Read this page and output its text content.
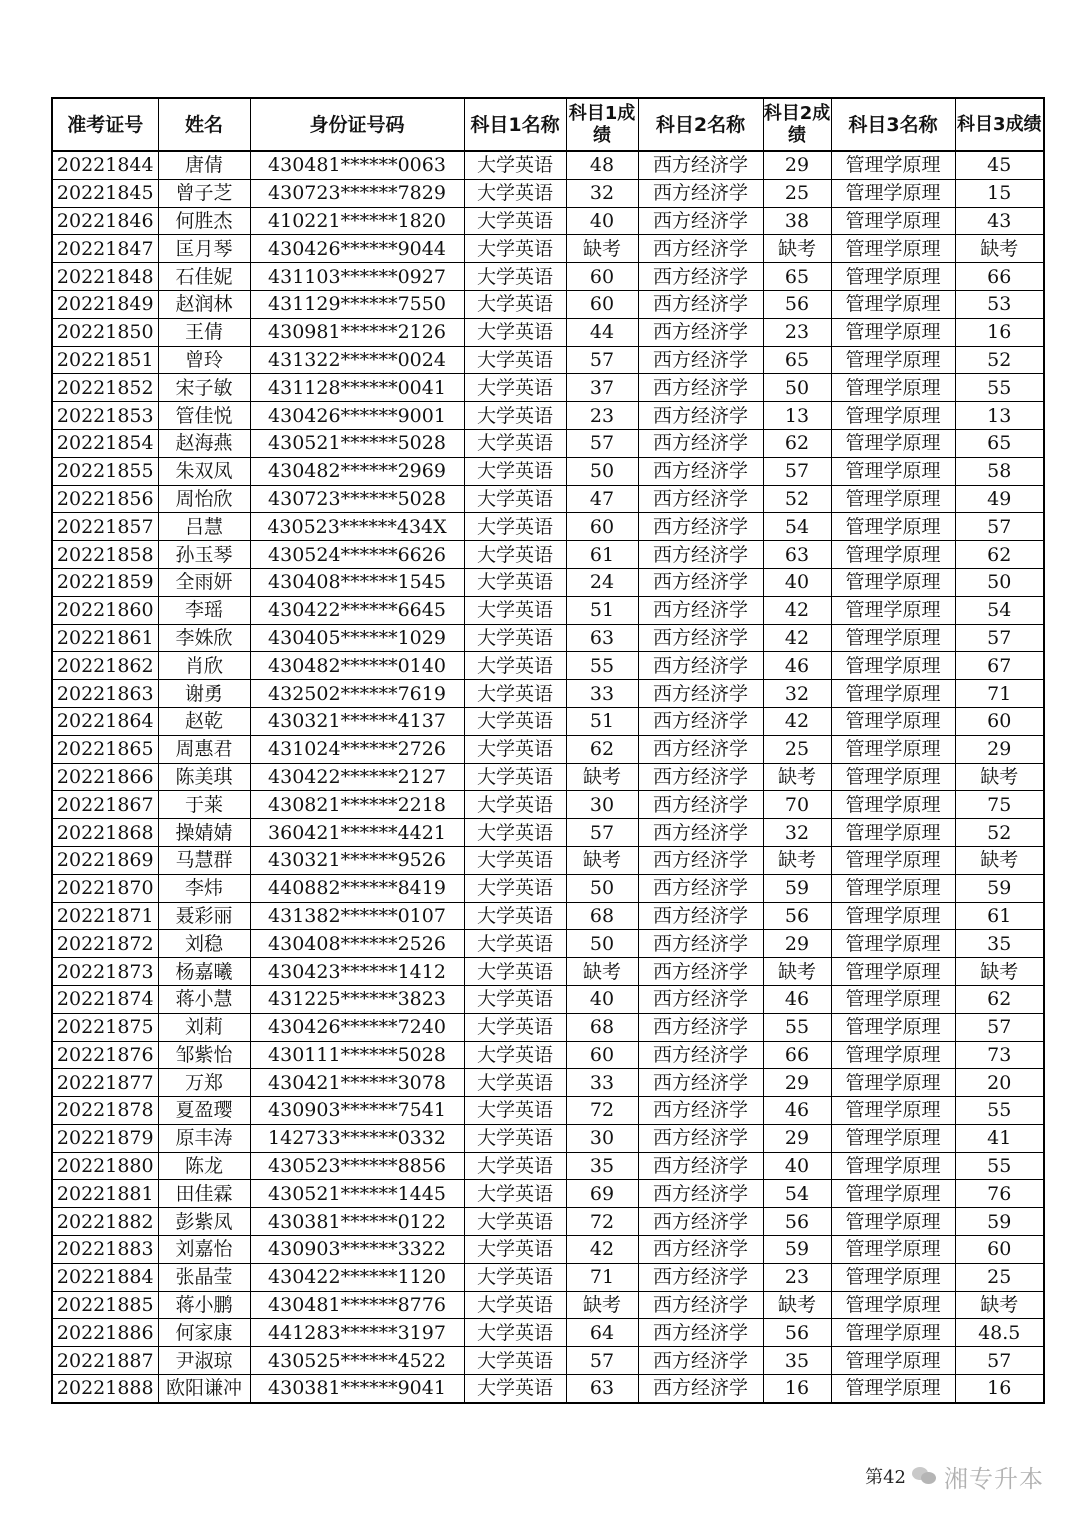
准考证号	姓名	身份证号码	科目1名称	科目1成绩	科目2名称	科目2成绩	科目3名称	科目3成绩
20221844	唐倩	430481******0063	大学英语	48	西方经济学	29	管理学原理	45
20221845	曾子芝	430723******7829	大学英语	32	西方经济学	25	管理学原理	15
20221846	何胜杰	410221******1820	大学英语	40	西方经济学	38	管理学原理	43
20221847	匡月琴	430426******9044	大学英语	缺考	西方经济学	缺考	管理学原理	缺考
20221848	石佳妮	431103******0927	大学英语	60	西方经济学	65	管理学原理	66
20221849	赵润林	431129******7550	大学英语	60	西方经济学	56	管理学原理	53
20221850	王倩	430981******2126	大学英语	44	西方经济学	23	管理学原理	16
20221851	曾玲	431322******0024	大学英语	57	西方经济学	65	管理学原理	52
20221852	宋子敏	431128******0041	大学英语	37	西方经济学	50	管理学原理	55
20221853	管佳悦	430426******9001	大学英语	23	西方经济学	13	管理学原理	13
20221854	赵海燕	430521******5028	大学英语	57	西方经济学	62	管理学原理	65
20221855	朱双凤	430482******2969	大学英语	50	西方经济学	57	管理学原理	58
20221856	周怡欣	430723******5028	大学英语	47	西方经济学	52	管理学原理	49
20221857	吕慧	430523******434X	大学英语	60	西方经济学	54	管理学原理	57
20221858	孙玉琴	430524******6626	大学英语	61	西方经济学	63	管理学原理	62
20221859	全雨妍	430408******1545	大学英语	24	西方经济学	40	管理学原理	50
20221860	李瑶	430422******6645	大学英语	51	西方经济学	42	管理学原理	54
20221861	李姝欣	430405******1029	大学英语	63	西方经济学	42	管理学原理	57
20221862	肖欣	430482******0140	大学英语	55	西方经济学	46	管理学原理	67
20221863	谢勇	432502******7619	大学英语	33	西方经济学	32	管理学原理	71
20221864	赵乾	430321******4137	大学英语	51	西方经济学	42	管理学原理	60
20221865	周惠君	431024******2726	大学英语	62	西方经济学	25	管理学原理	29
20221866	陈美琪	430422******2127	大学英语	缺考	西方经济学	缺考	管理学原理	缺考
20221867	于莱	430821******2218	大学英语	30	西方经济学	70	管理学原理	75
20221868	操婧婧	360421******4421	大学英语	57	西方经济学	32	管理学原理	52
20221869	马慧群	430321******9526	大学英语	缺考	西方经济学	缺考	管理学原理	缺考
20221870	李炜	440882******8419	大学英语	50	西方经济学	59	管理学原理	59
20221871	聂彩丽	431382******0107	大学英语	68	西方经济学	56	管理学原理	61
20221872	刘稳	430408******2526	大学英语	50	西方经济学	29	管理学原理	35
20221873	杨嘉曦	430423******1412	大学英语	缺考	西方经济学	缺考	管理学原理	缺考
20221874	蒋小慧	431225******3823	大学英语	40	西方经济学	46	管理学原理	62
20221875	刘莉	430426******7240	大学英语	68	西方经济学	55	管理学原理	57
20221876	邹紫怡	430111******5028	大学英语	60	西方经济学	66	管理学原理	73
20221877	万郑	430421******3078	大学英语	33	西方经济学	29	管理学原理	20
20221878	夏盈璎	430903******7541	大学英语	72	西方经济学	46	管理学原理	55
20221879	原丰涛	142733******0332	大学英语	30	西方经济学	29	管理学原理	41
20221880	陈龙	430523******8856	大学英语	35	西方经济学	40	管理学原理	55
20221881	田佳霖	430521******1445	大学英语	69	西方经济学	54	管理学原理	76
20221882	彭紫凤	430381******0122	大学英语	72	西方经济学	56	管理学原理	59
20221883	刘嘉怡	430903******3322	大学英语	42	西方经济学	59	管理学原理	60
20221884	张晶莹	430422******1120	大学英语	71	西方经济学	23	管理学原理	25
20221885	蒋小鹏	430481******8776	大学英语	缺考	西方经济学	缺考	管理学原理	缺考
20221886	何家康	441283******3197	大学英语	64	西方经济学	56	管理学原理	48.5
20221887	尹淑琼	430525******4522	大学英语	57	西方经济学	35	管理学原理	57
20221888	欧阳谦冲	430381******9041	大学英语	63	西方经济学	16	管理学原理	16
第42 湘专升本
